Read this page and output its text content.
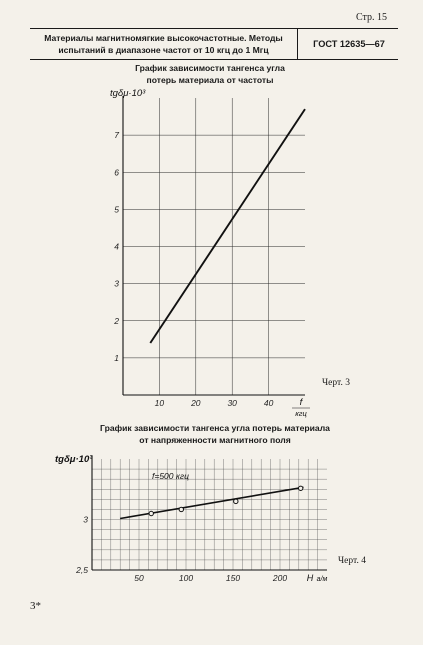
Стр. 15
Материалы магнитномягкие высокочастотные. Методы
испытаний в диапазоне частот от 10 кгц до 1 Мгц
ГОСТ 12635—67
График зависимости тангенса угла
потерь материала от частоты
10	20	30	40
1
2
3
4
5
6
7
tgδμ·10³
f
кгц
50	100	150	200
2,5
3
tgδμ·10³
f=500 кгц
H а/м
График зависимости тангенса угла потерь материала
от напряженности магнитного поля
Черт. 3
Черт. 4
3*
